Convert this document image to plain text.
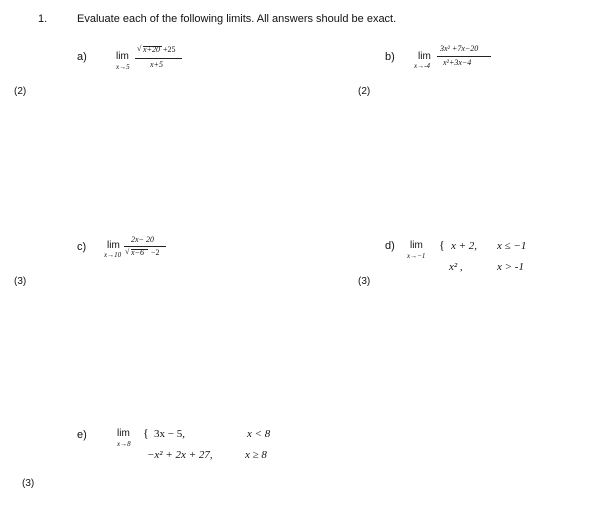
1.	Evaluate each of the following limits. All answers should be exact.
(2)	(2)
(3)	(3)
(3)
a)	lim
x→5
√ x+20 +25
x+5
b) lim
x→-4
3x² +7x−20
x²+3x−4
c) lim
x→10
2x− 20
√ x−6 −2
d) lim
x→−1
{ x + 2, x ≤ −1
x² ,	x > -1
e)	lim
x→8
{ 3x − 5,	x < 8
−x² + 2x + 27,	x ≥ 8
